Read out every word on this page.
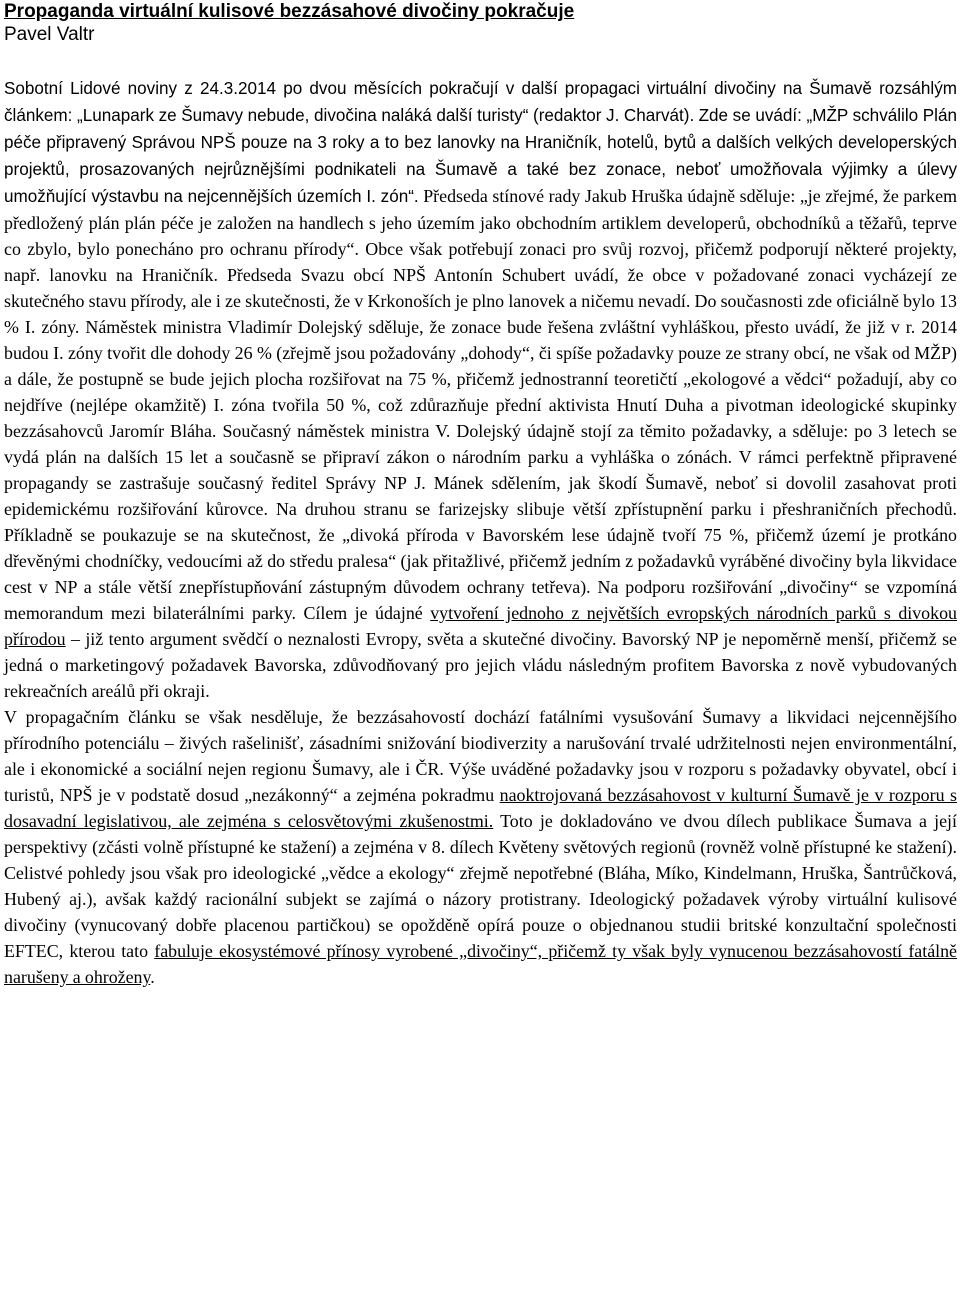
Propaganda virtuální kulisové bezzásahové divočiny pokračuje
Pavel Valtr

Sobotní Lidové noviny z 24.3.2014 po dvou měsících pokračují v další propagaci virtuální divočiny na Šumavě rozsáhlým článkem: „Lunapark ze Šumavy nebude, divočina naláká další turisty“ (redaktor J. Charvát). Zde se uvádí: „MŽP schválilo Plán péče připravený Správou NPŠ pouze na 3 roky a to bez lanovky na Hraničník, hotelů, bytů a dalších velkých developerských projektů, prosazovaných nejrůznějšími podnikateli na Šumavě a také bez zonace, neboť umožňovala výjimky a úlevy umožňující výstavbu na nejcennějších územích I. zón“. Předseda stínové rady Jakub Hruška údajně sděluje: „je zřejmé, že parkem předložený plán plán péče je založen na handlech s jeho územím jako obchodním artiklem developerů, obchodníků a těžařů, teprve co zbylo, bylo ponecháno pro ochranu přírody“. Obce však potřebují zonaci pro svůj rozvoj, přičemž podporují některé projekty, např. lanovku na Hraničník. Předseda Svazu obcí NPŠ Antonín Schubert uvádí, že obce v požadované zonaci vycházejí ze skutečného stavu přírody, ale i ze skutečnosti, že v Krkonoších je plno lanovek a ničemu nevadí. Do současnosti zde oficiálně bylo 13 % I. zóny. Náměstek ministra Vladimír Dolejský sděluje, že zonace bude řešena zvláštní vyhláškou, přesto uvádí, že již v r. 2014 budou I. zóny tvořit dle dohody 26 % (zřejmě jsou požadovány „dohody“, či spíše požadavky pouze ze strany obcí, ne však od MŽP) a dále, že postupně se bude jejich plocha rozšiřovat na 75 %, přičemž jednostranní teoretičtí „ekologové a vědci“ požadují, aby co nejdříve (nejlépe okamžitě) I. zóna tvořila 50 %, což zdůrazňuje přední aktivista Hnutí Duha a pivotman ideologické skupinky bezzásahovců Jaromír Bláha. Současný náměstek ministra V. Dolejský údajně stojí za těmito požadavky, a sděluje: po 3 letech se vydá plán na dalších 15 let a současně se připraví zákon o národním parku a vyhláška o zónách. V rámci perfektně připravené propagandy se zastrašuje současný ředitel Správy NP J. Mánek sdělením, jak škodí Šumavě, neboť si dovolil zasahovat proti epidemickému rozšiřování kůrovce. Na druhou stranu se farizejsky slibuje větší zpřístupnění parku i přeshraničních přechodů. Příkladně se poukazuje se na skutečnost, že „divoká příroda v Bavorském lese údajně tvoří 75 %, přičemž území je protkáno dřevěnými chodníčky, vedoucími až do středu pralesa“ (jak přitažlivé, přičemž jedním z požadavků vyráběné divočiny byla likvidace cest v NP a stále větší znepřístupňování zástupným důvodem ochrany tetřeva). Na podporu rozšiřování „divočiny“ se vzpomíná memorandum mezi bilaterálními parky. Cílem je údajné vytvoření jednoho z největších evropských národních parků s divokou přírodou – již tento argument svědčí o neznalosti Evropy, světa a skutečné divočiny. Bavorský NP je nepoměrně menší, přičemž se jedná o marketingový požadavek Bavorska, zdůvodňovaný pro jejich vládu následným profitem Bavorska z nově vybudovaných rekreačních areálů při okraji.

V propagačním článku se však nesděluje, že bezzásahovostí dochází fatálními vysušování Šumavy a likvidaci nejcennějšího přírodního potenciálu – živých rašelinišť, zásadními snižování biodiverzity a narušování trvalé udržitelnosti nejen environmentální, ale i ekonomické a sociální nejen regionu Šumavy, ale i ČR. Výše uváděné požadavky jsou v rozporu s požadavky obyvatel, obcí i turistů, NPŠ je v podstatě dosud „nezákonný“ a zejména pokradmu naoktrojovaná bezzásahovost v kulturní Šumavě je v rozporu s dosavadní legislativou, ale zejména s celosvětovými zkušenostmi. Toto je dokladováno ve dvou dílech publikace Šumava a její perspektivy (zčásti volně přístupné ke stažení) a zejména v 8. dílech Květeny světových regionů (rovněž volně přístupné ke stažení). Celistvé pohledy jsou však pro ideologické „vědce a ekology“ zřejmě nepotřebné (Bláha, Míko, Kindelmann, Hruška, Šantrůčková, Hubený aj.), avšak každý racionální subjekt se zajímá o názory protistrany. Ideologický požadavek výroby virtuální kulisové divočiny (vynucovaný dobře placenou partičkou) se opožděně opírá pouze o objednanou studii britské konzultační společnosti EFTEC, kterou tato fabuluje ekosystémové přínosy vyrobené „divočiny“, přičemž ty však byly vynucenou bezzásahovostí fatálně narušeny a ohroženy.
